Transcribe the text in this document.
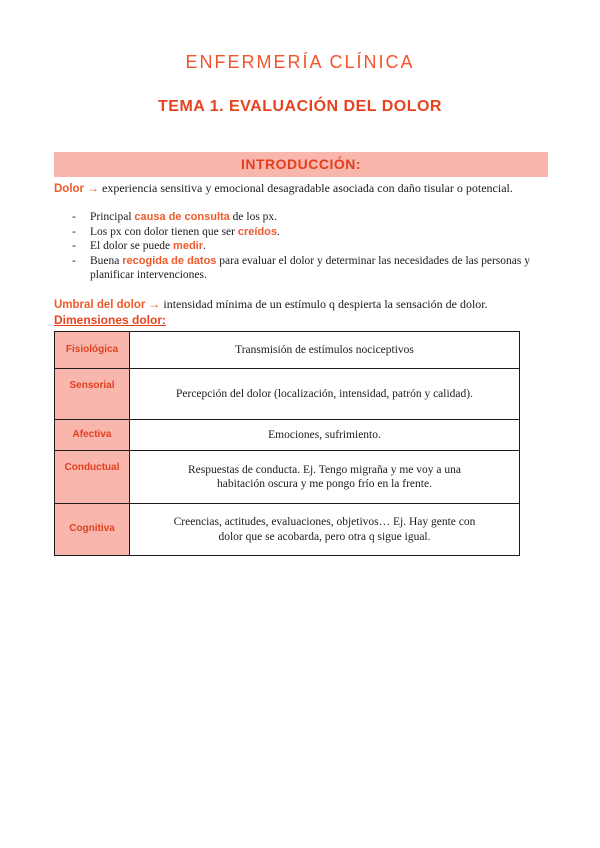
ENFERMERÍA CLÍNICA
TEMA 1. EVALUACIÓN DEL DOLOR
INTRODUCCIÓN:
Dolor → experiencia sensitiva y emocional desagradable asociada con daño tisular o potencial.
- Principal causa de consulta de los px.
- Los px con dolor tienen que ser creídos.
- El dolor se puede medir.
- Buena recogida de datos para evaluar el dolor y determinar las necesidades de las personas y planificar intervenciones.
Umbral del dolor → intensidad mínima de un estímulo q despierta la sensación de dolor.
Dimensiones dolor:
Fisiológica	Transmisión de estímulos nociceptivos
Sensorial	Percepción del dolor (localización, intensidad, patrón y calidad).
Afectiva	Emociones, sufrimiento.
Conductual	Respuestas de conducta. Ej. Tengo migraña y me voy a una habitación oscura y me pongo frío en la frente.
Cognitiva	Creencias, actitudes, evaluaciones, objetivos… Ej. Hay gente con dolor que se acobarda, pero otra q sigue igual.
